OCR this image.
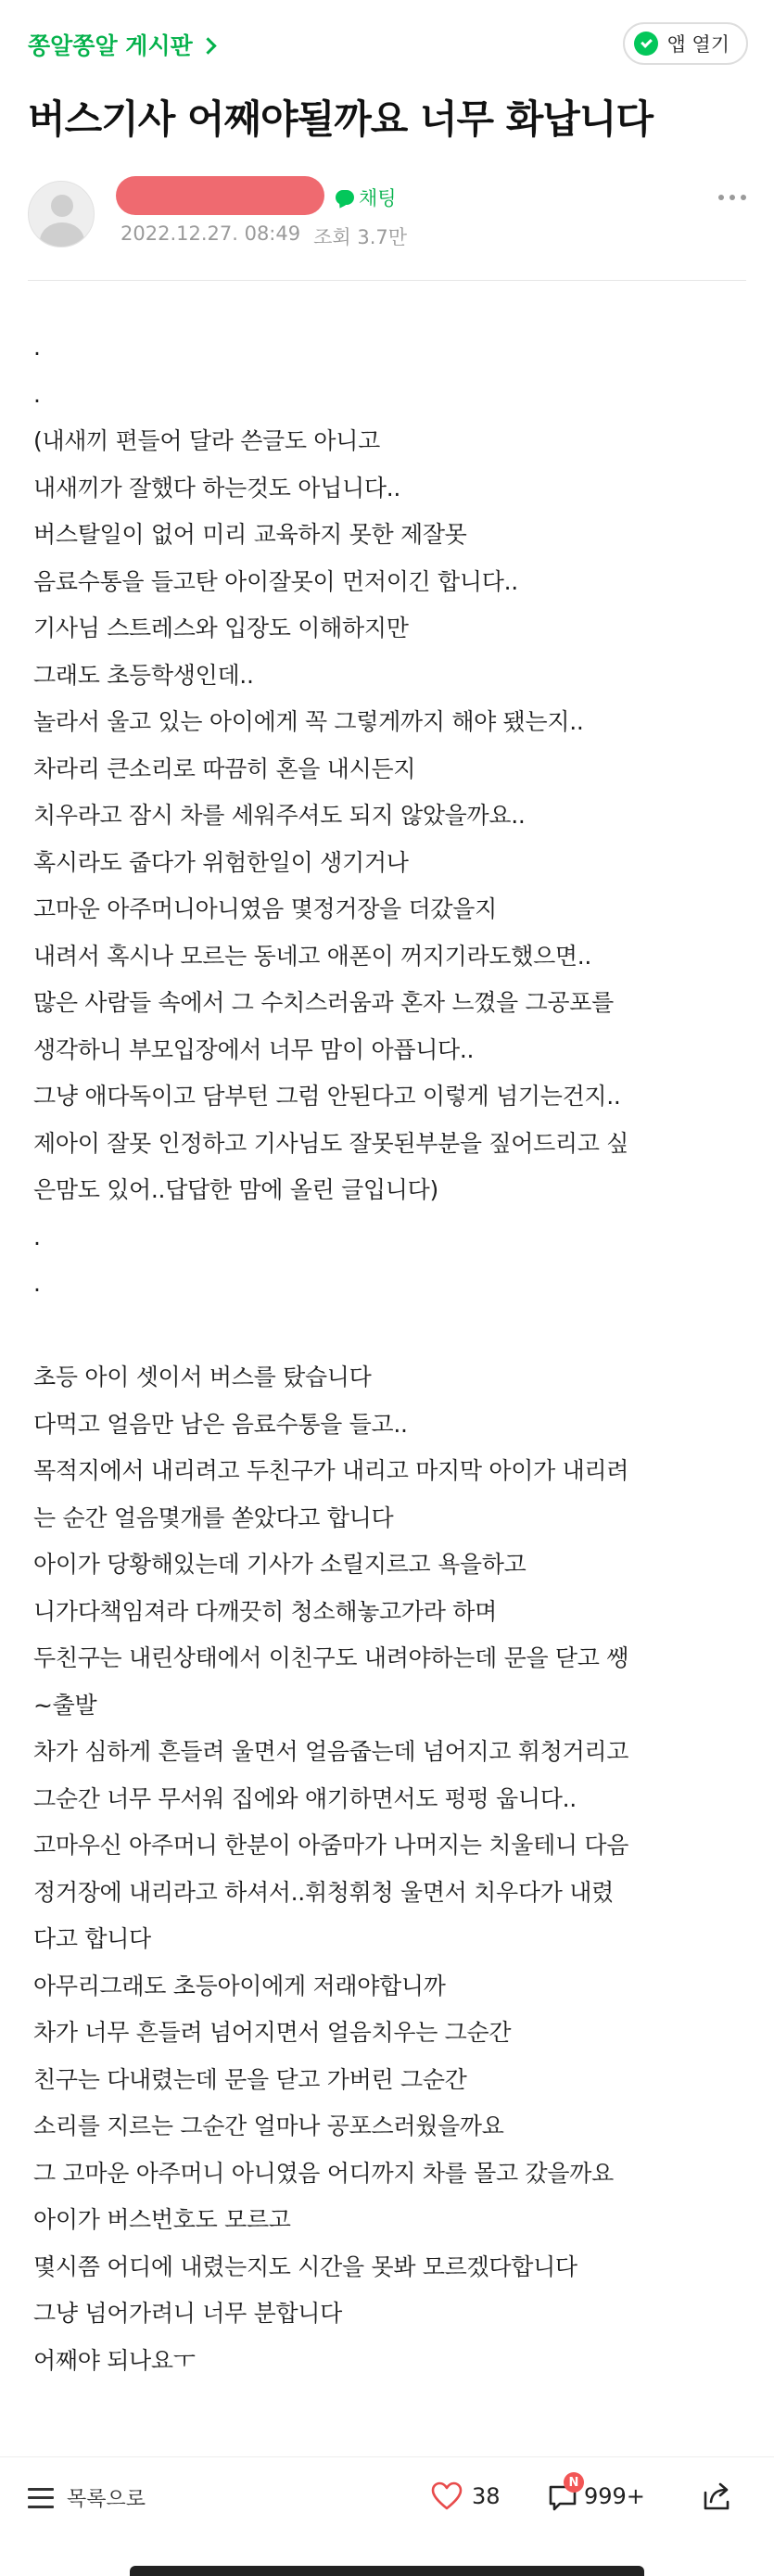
쫑알쫑알 게시판	앱 열기
버스기사 어째야될까요 너무 화납니다
채팅
2022.12.27. 08:49 조회 3.7만
.
.
(내새끼 편들어 달라 쓴글도 아니고
내새끼가 잘했다 하는것도 아닙니다..
버스탈일이 없어 미리 교육하지 못한 제잘못
음료수통을 들고탄 아이잘못이 먼저이긴 합니다..
기사님 스트레스와 입장도 이해하지만
그래도 초등학생인데..
놀라서 울고 있는 아이에게 꼭 그렇게까지 해야 됐는지..
차라리 큰소리로 따끔히 혼을 내시든지
치우라고 잠시 차를 세워주셔도 되지 않았을까요..
혹시라도 줍다가 위험한일이 생기거나
고마운 아주머니아니였음 몇정거장을 더갔을지
내려서 혹시나 모르는 동네고 애폰이 꺼지기라도했으면..
많은 사람들 속에서 그 수치스러움과 혼자 느꼈을 그공포를
생각하니 부모입장에서 너무 맘이 아픕니다..
그냥 애다독이고 담부턴 그럼 안된다고 이렇게 넘기는건지..
제아이 잘못 인정하고 기사님도 잘못된부분을 짚어드리고 싶
은맘도 있어..답답한 맘에 올린 글입니다)
.
.
초등 아이 셋이서 버스를 탔습니다
다먹고 얼음만 남은 음료수통을 들고..
목적지에서 내리려고 두친구가 내리고 마지막 아이가 내리려
는 순간 얼음몇개를 쏟았다고 합니다
아이가 당황해있는데 기사가 소릴지르고 욕을하고
니가다책임져라 다깨끗히 청소해놓고가라 하며
두친구는 내린상태에서 이친구도 내려야하는데 문을 닫고 쌩
~출발
차가 심하게 흔들려 울면서 얼음줍는데 넘어지고 휘청거리고
그순간 너무 무서워 집에와 얘기하면서도 펑펑 웁니다..
고마우신 아주머니 한분이 아줌마가 나머지는 치울테니 다음
정거장에 내리라고 하셔서..휘청휘청 울면서 치우다가 내렸
다고 합니다
아무리그래도 초등아이에게 저래야합니까
차가 너무 흔들려 넘어지면서 얼음치우는 그순간
친구는 다내렸는데 문을 닫고 가버린 그순간
소리를 지르는 그순간 얼마나 공포스러웠을까요
그 고마운 아주머니 아니였음 어디까지 차를 몰고 갔을까요
아이가 버스번호도 모르고
몇시쯤 어디에 내렸는지도 시간을 못봐 모르겠다합니다
그냥 넘어가려니 너무 분합니다
어째야 되나요ㅜ
목록으로	38
N
999+
